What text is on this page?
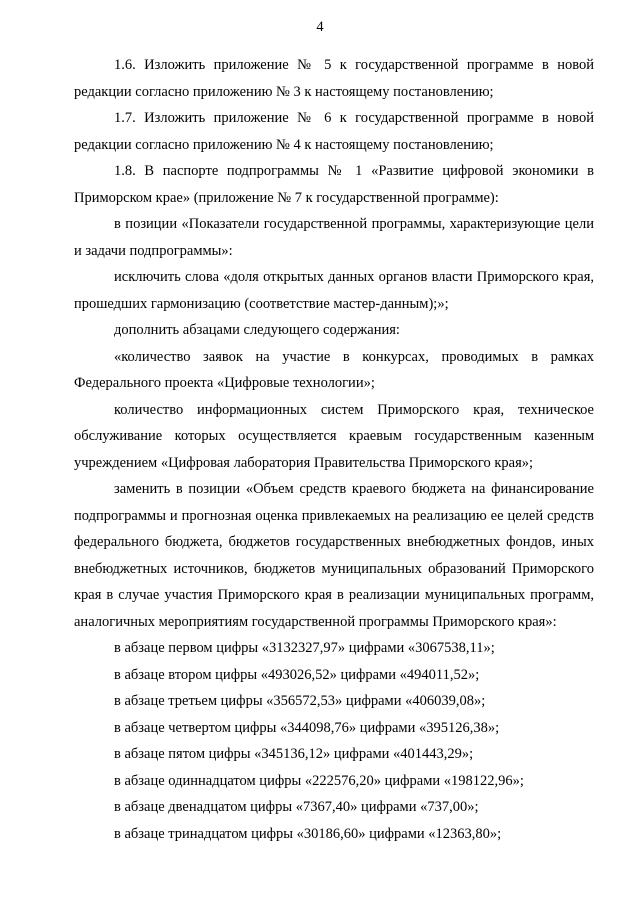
4

1.6. Изложить приложение № 5 к государственной программе в новой редакции согласно приложению № 3 к настоящему постановлению;

1.7. Изложить приложение № 6 к государственной программе в новой редакции согласно приложению № 4 к настоящему постановлению;

1.8. В паспорте подпрограммы № 1 «Развитие цифровой экономики в Приморском крае» (приложение № 7 к государственной программе):

в позиции «Показатели государственной программы, характеризующие цели и задачи подпрограммы»:

исключить слова «доля открытых данных органов власти Приморского края, прошедших гармонизацию (соответствие мастер-данным);»;

дополнить абзацами следующего содержания:

«количество заявок на участие в конкурсах, проводимых в рамках Федерального проекта «Цифровые технологии»;

количество информационных систем Приморского края, техническое обслуживание которых осуществляется краевым государственным казенным учреждением «Цифровая лаборатория Правительства Приморского края»;

заменить в позиции «Объем средств краевого бюджета на финансирование подпрограммы и прогнозная оценка привлекаемых на реализацию ее целей средств федерального бюджета, бюджетов государственных внебюджетных фондов, иных внебюджетных источников, бюджетов муниципальных образований Приморского края в случае участия Приморского края в реализации муниципальных программ, аналогичных мероприятиям государственной программы Приморского края»:

в абзаце первом цифры «3132327,97» цифрами «3067538,11»;

в абзаце втором цифры «493026,52» цифрами «494011,52»;

в абзаце третьем цифры «356572,53» цифрами «406039,08»;

в абзаце четвертом цифры «344098,76» цифрами «395126,38»;

в абзаце пятом цифры «345136,12» цифрами «401443,29»;

в абзаце одиннадцатом цифры «222576,20» цифрами «198122,96»;

в абзаце двенадцатом цифры «7367,40» цифрами «737,00»;

в абзаце тринадцатом цифры «30186,60» цифрами «12363,80»;
